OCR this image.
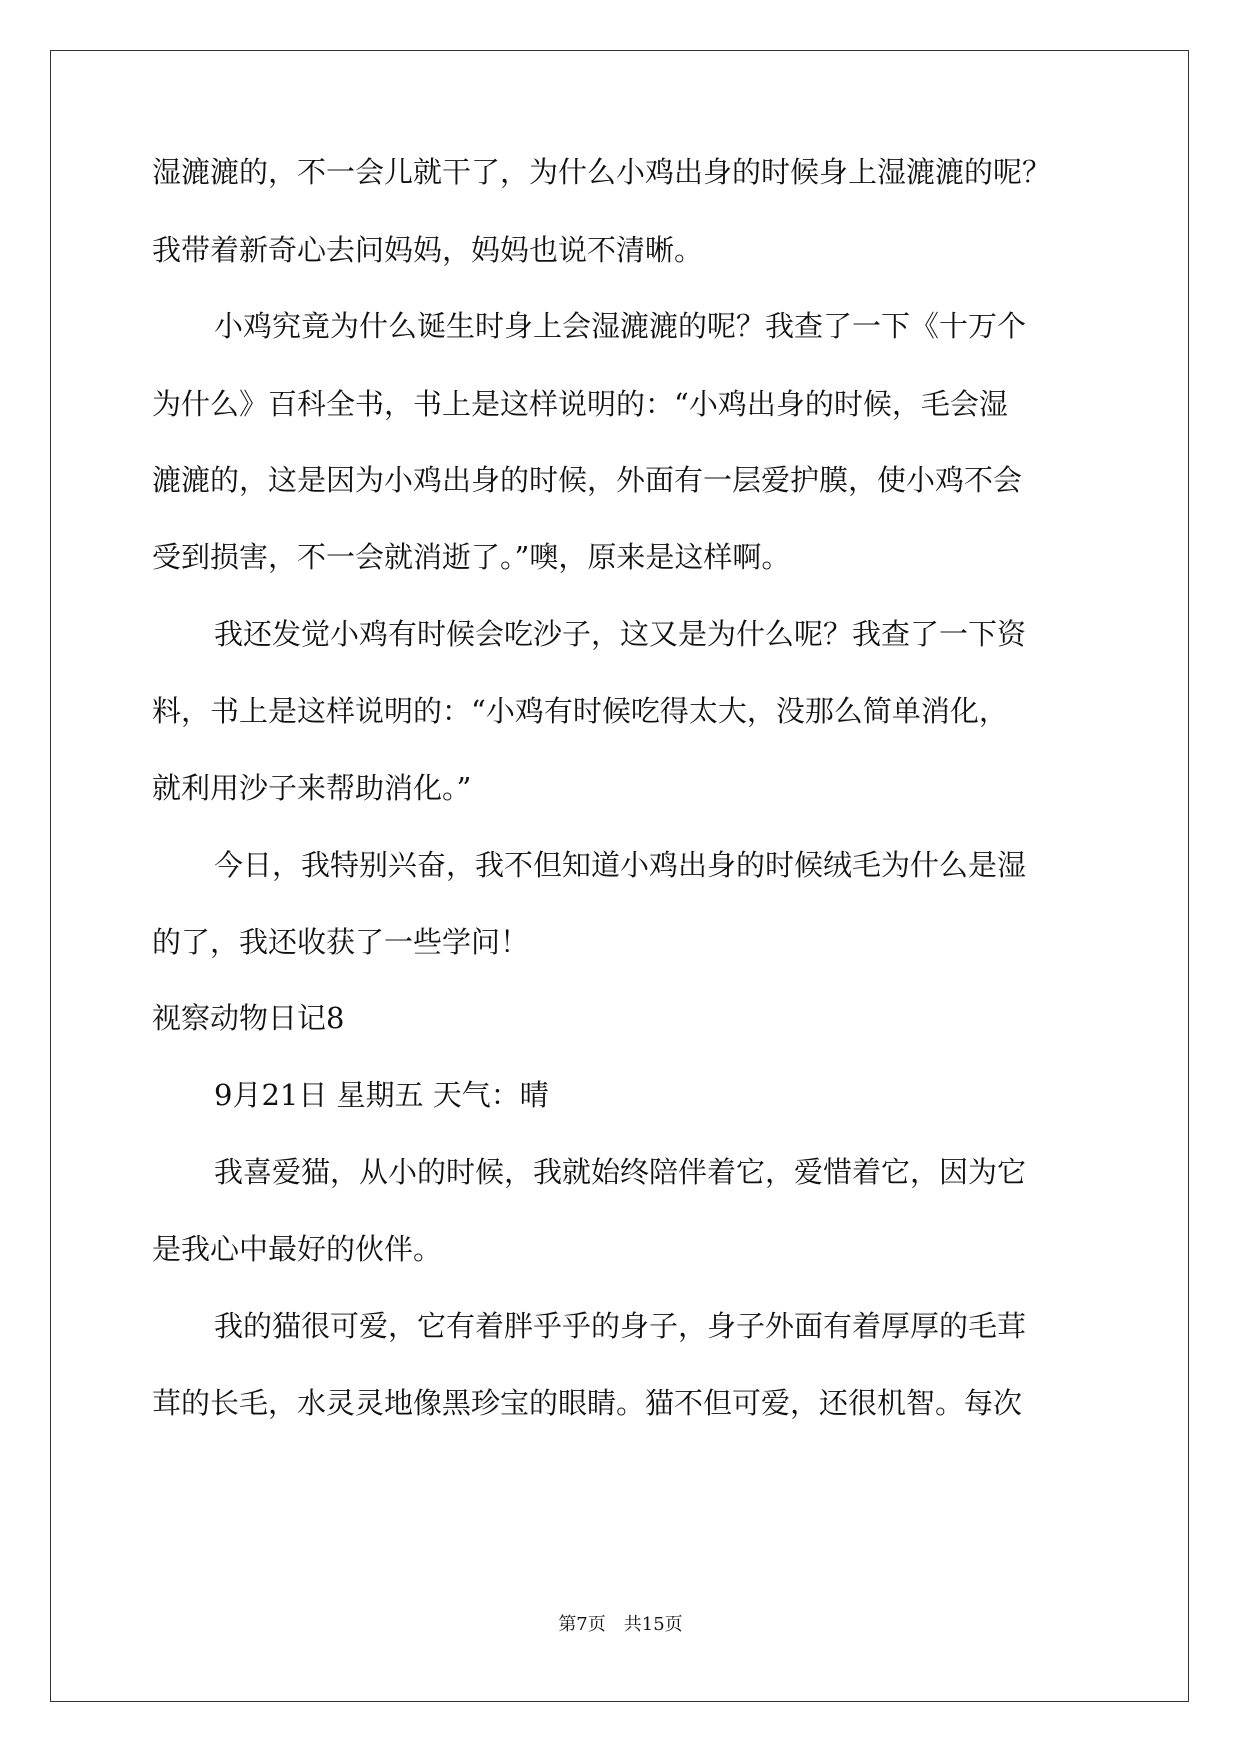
湿漉漉的，不一会儿就干了，为什么小鸡出身的时候身上湿漉漉的呢？

我带着新奇心去问妈妈，妈妈也说不清晰。

小鸡究竟为什么诞生时身上会湿漉漉的呢？我查了一下《十万个

为什么》百科全书，书上是这样说明的：“小鸡出身的时候，毛会湿

漉漉的，这是因为小鸡出身的时候，外面有一层爱护膜，使小鸡不会

受到损害，不一会就消逝了。”噢，原来是这样啊。

我还发觉小鸡有时候会吃沙子，这又是为什么呢？我查了一下资

料，书上是这样说明的：“小鸡有时候吃得太大，没那么简单消化，

就利用沙子来帮助消化。”

今日，我特别兴奋，我不但知道小鸡出身的时候绒毛为什么是湿

的了，我还收获了一些学问！

视察动物日记8

9月21日 星期五 天气：晴

我喜爱猫，从小的时候，我就始终陪伴着它，爱惜着它，因为它

是我心中最好的伙伴。

我的猫很可爱，它有着胖乎乎的身子，身子外面有着厚厚的毛茸

茸的长毛，水灵灵地像黑珍宝的眼睛。猫不但可爱，还很机智。每次

第7页　共15页
